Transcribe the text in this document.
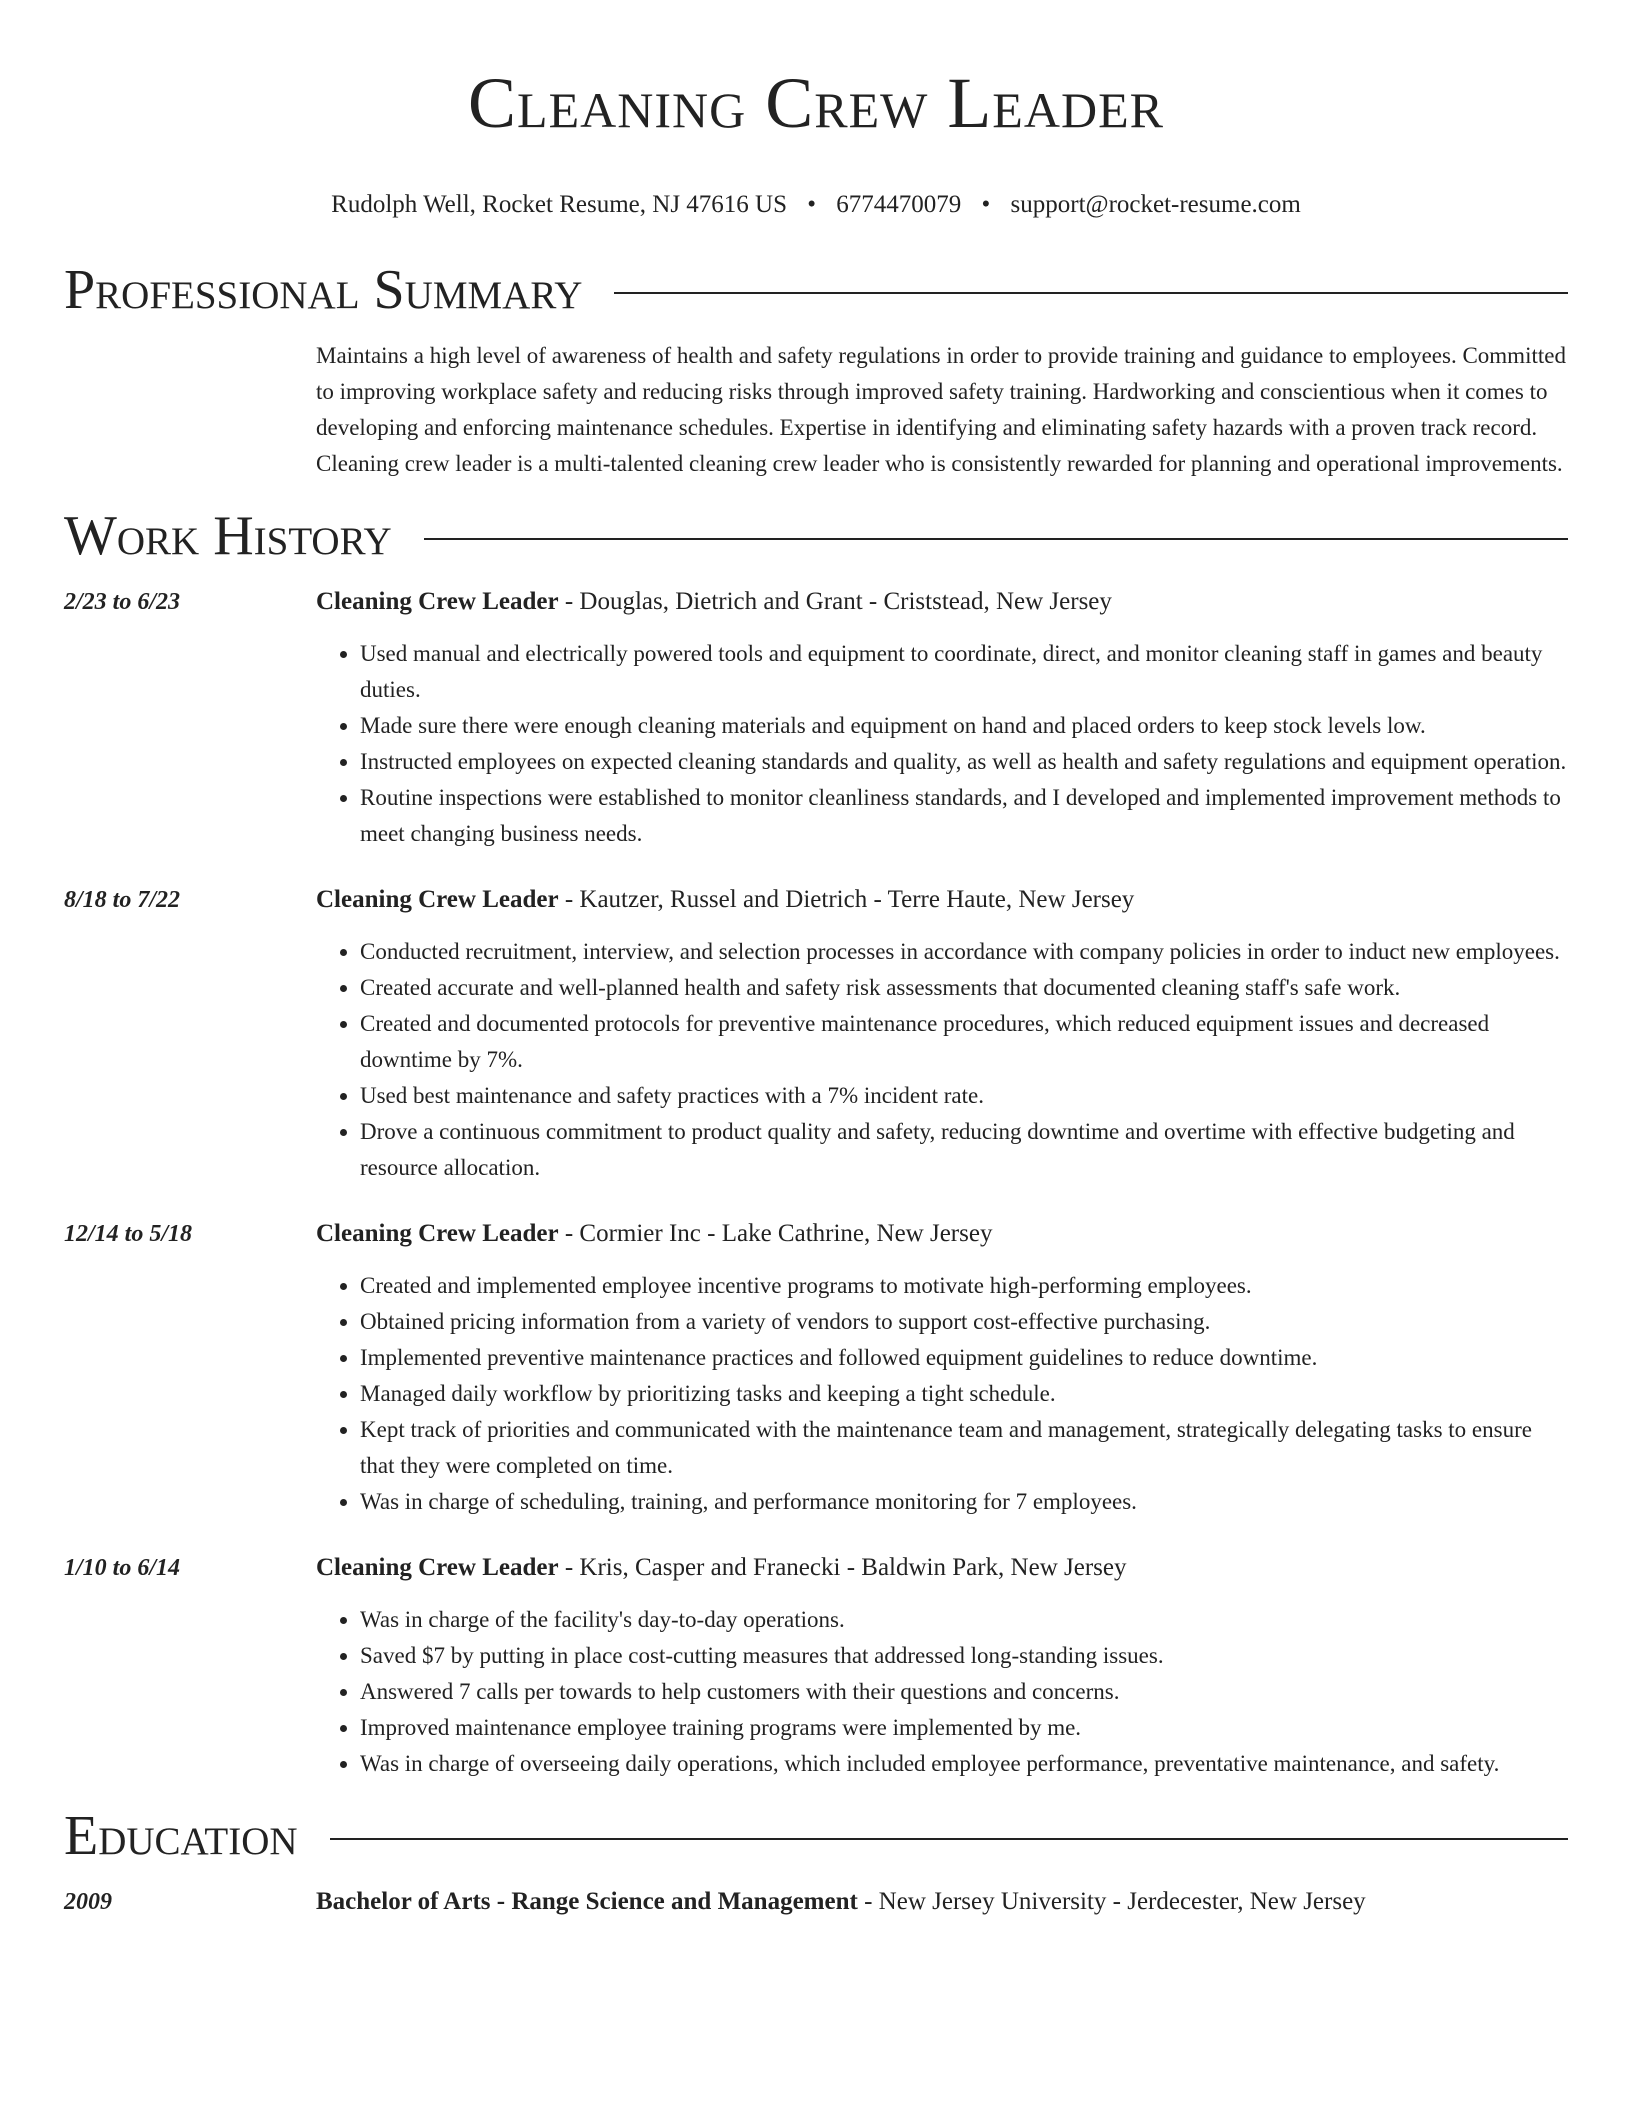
Cleaning Crew Leader
Rudolph Well, Rocket Resume, NJ 47616 US • 6774470079 • support@rocket-resume.com
Professional Summary
Maintains a high level of awareness of health and safety regulations in order to provide training and guidance to employees. Committed to improving workplace safety and reducing risks through improved safety training. Hardworking and conscientious when it comes to developing and enforcing maintenance schedules. Expertise in identifying and eliminating safety hazards with a proven track record. Cleaning crew leader is a multi-talented cleaning crew leader who is consistently rewarded for planning and operational improvements.
Work History
2/23 to 6/23	Cleaning Crew Leader - Douglas, Dietrich and Grant - Criststead, New Jersey
• Used manual and electrically powered tools and equipment to coordinate, direct, and monitor cleaning staff in games and beauty duties.
• Made sure there were enough cleaning materials and equipment on hand and placed orders to keep stock levels low.
• Instructed employees on expected cleaning standards and quality, as well as health and safety regulations and equipment operation.
• Routine inspections were established to monitor cleanliness standards, and I developed and implemented improvement methods to meet changing business needs.
8/18 to 7/22	Cleaning Crew Leader - Kautzer, Russel and Dietrich - Terre Haute, New Jersey
• Conducted recruitment, interview, and selection processes in accordance with company policies in order to induct new employees.
• Created accurate and well-planned health and safety risk assessments that documented cleaning staff's safe work.
• Created and documented protocols for preventive maintenance procedures, which reduced equipment issues and decreased downtime by 7%.
• Used best maintenance and safety practices with a 7% incident rate.
• Drove a continuous commitment to product quality and safety, reducing downtime and overtime with effective budgeting and resource allocation.
12/14 to 5/18	Cleaning Crew Leader - Cormier Inc - Lake Cathrine, New Jersey
• Created and implemented employee incentive programs to motivate high-performing employees.
• Obtained pricing information from a variety of vendors to support cost-effective purchasing.
• Implemented preventive maintenance practices and followed equipment guidelines to reduce downtime.
• Managed daily workflow by prioritizing tasks and keeping a tight schedule.
• Kept track of priorities and communicated with the maintenance team and management, strategically delegating tasks to ensure that they were completed on time.
• Was in charge of scheduling, training, and performance monitoring for 7 employees.
1/10 to 6/14	Cleaning Crew Leader - Kris, Casper and Franecki - Baldwin Park, New Jersey
• Was in charge of the facility's day-to-day operations.
• Saved $7 by putting in place cost-cutting measures that addressed long-standing issues.
• Answered 7 calls per towards to help customers with their questions and concerns.
• Improved maintenance employee training programs were implemented by me.
• Was in charge of overseeing daily operations, which included employee performance, preventative maintenance, and safety.
Education
2009	Bachelor of Arts - Range Science and Management - New Jersey University - Jerdecester, New Jersey
